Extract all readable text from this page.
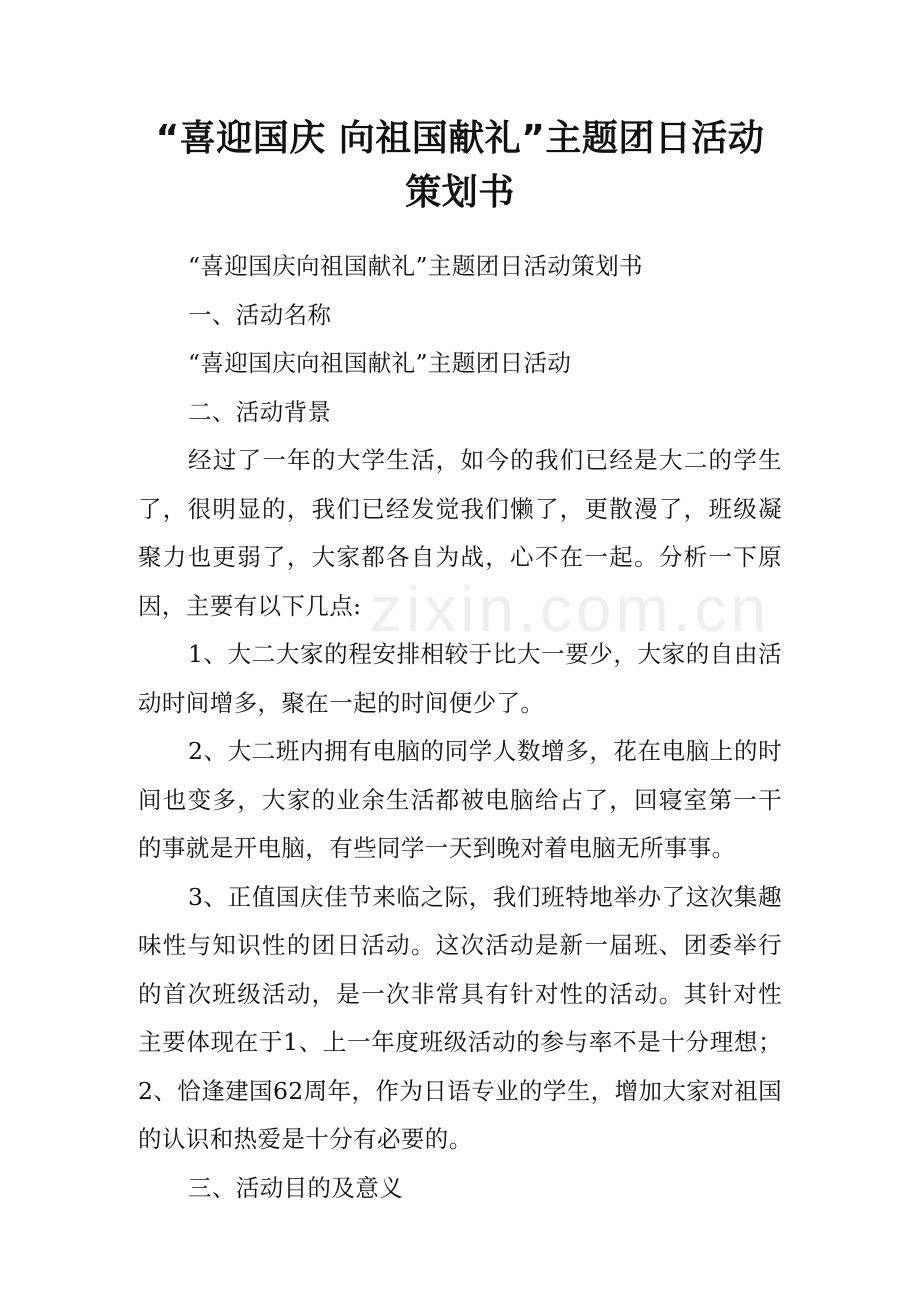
“喜迎国庆 向祖国献礼”主题团日活动策划书

“喜迎国庆向祖国献礼”主题团日活动策划书

一、活动名称

“喜迎国庆向祖国献礼”主题团日活动

二、活动背景

经过了一年的大学生活，如今的我们已经是大二的学生了，很明显的，我们已经发觉我们懒了，更散漫了，班级凝聚力也更弱了，大家都各自为战，心不在一起。分析一下原因，主要有以下几点:

1、大二大家的程安排相较于比大一要少，大家的自由活动时间增多，聚在一起的时间便少了。

2、大二班内拥有电脑的同学人数增多，花在电脑上的时间也变多，大家的业余生活都被电脑给占了，回寝室第一干的事就是开电脑，有些同学一天到晚对着电脑无所事事。

3、正值国庆佳节来临之际，我们班特地举办了这次集趣味性与知识性的团日活动。这次活动是新一届班、团委举行的首次班级活动，是一次非常具有针对性的活动。其针对性主要体现在于1、上一年度班级活动的参与率不是十分理想；2、恰逢建国62周年，作为日语专业的学生，增加大家对祖国的认识和热爱是十分有必要的。

三、活动目的及意义

zixin.com.cn
